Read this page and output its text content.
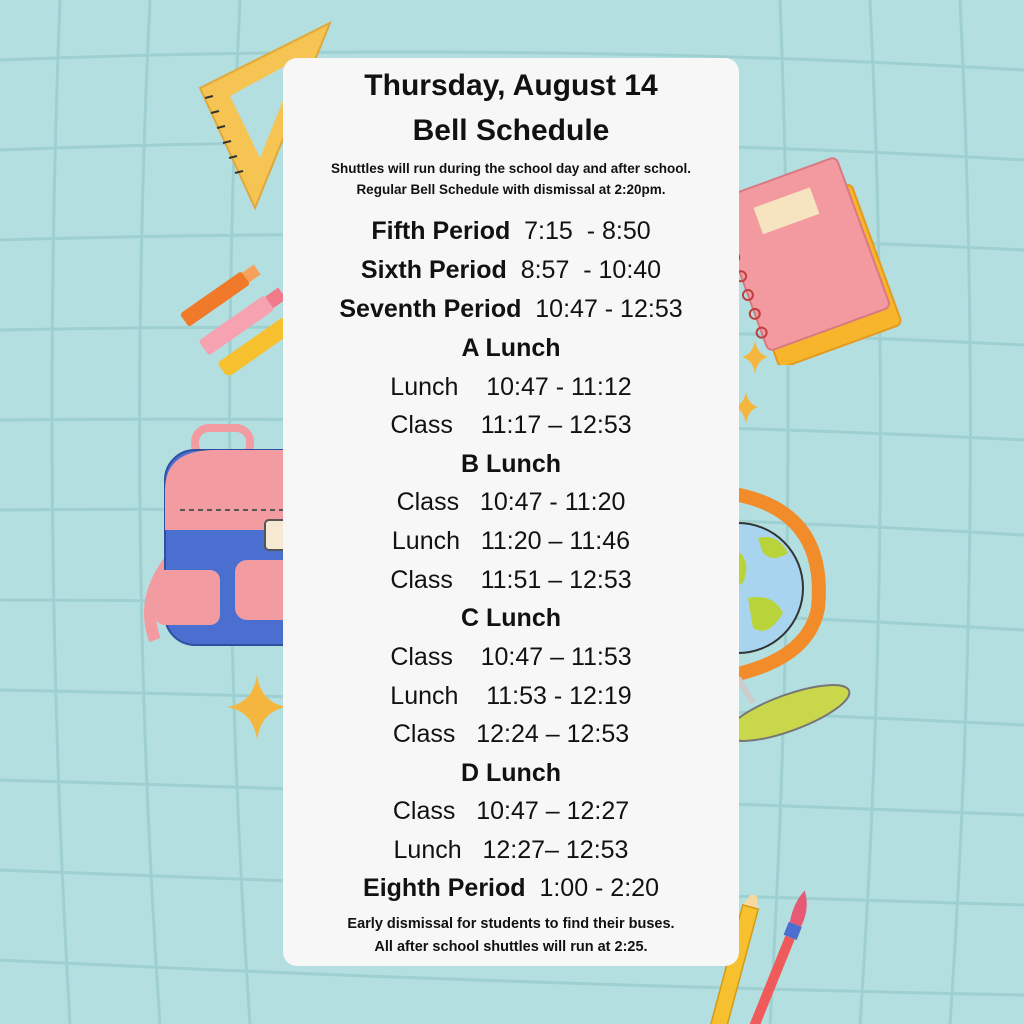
Thursday, August 14
Bell Schedule
Shuttles will run during the school day and after school.
Regular Bell Schedule with dismissal at 2:20pm.
Fifth Period 7:15  - 8:50
Sixth Period 8:57  - 10:40
Seventh Period 10:47 - 12:53
A Lunch
Lunch    10:47 - 11:12
Class    11:17 – 12:53
B Lunch
Class   10:47 - 11:20
Lunch   11:20 – 11:46
Class    11:51 – 12:53
C Lunch
Class    10:47 – 11:53
Lunch    11:53 - 12:19
Class   12:24 – 12:53
D Lunch
Class   10:47 – 12:27
Lunch   12:27– 12:53
Eighth Period 1:00 - 2:20
Early dismissal for students to find their buses.
All after school shuttles will run at 2:25.
